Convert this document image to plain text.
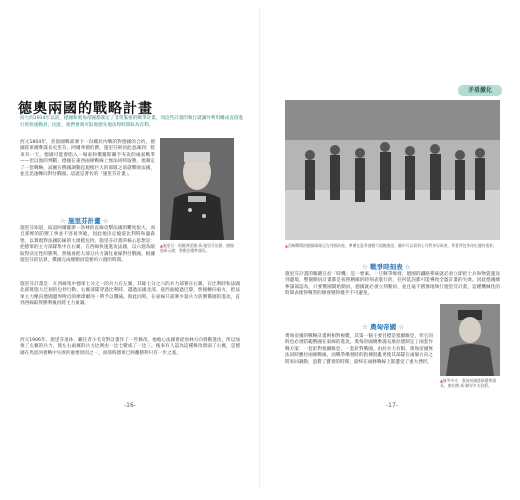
矛盾激化
德奧兩國的戰略計畫
而大約1914年以前，德國和奧匈帝國都制定了非常緊密的戰爭計畫，而這些計畫的執行就讓外利用構成直接進行的快速動員。因此，他們會萬可取地德先地攻得時間較為有利。
西元1804年，普魯國戰部署下一份關於內戰的對德國的合約，德國陸軍總參謀長史里芬，阿爾弗德伯爵，施里芬則因此意識到：將來有一天，德國可能會陷入一場東和俄羅斯聯手夾攻的兩面戰爭——但以他的判斷，德國在東西兩條戰線上無法同時取勝，他制定了一套戰略，試圖在俄國調動起規模巨大的部隊之前就擊敗法國，並且迅速轉向對付俄國。這就是著名的「施里芬計畫」。
▲施里芬：阿爾弗雷德·馮·施里芬伯爵，德國陸軍元帥，曾擔任總參謀長。
☆ 施里芬計畫 ☆
施里芬知道，取道阿爾薩斯一洛林的直線攻擊法國的難度很大，而且那裡的防禦工事並不容易突破，因此他決定繞道比利時和盧森堡，以實現對法國防線的大規模包抄。施里芬計畫的核心思想是：把德軍的主力部隊集中在右翼，在西線快速進攻法國，以六週為限取得決定性的勝利，然後再把大部分兵力調往東線對付俄國。根據施里芬的估算，俄國完成總動員需要約六週的時間。
施里芬計畫是：在西線集中德軍七分之一的兵力在左翼，其餘七分之六的兵力部署在右翼，在比利時和法國北部實施大迂迴的包抄行動。右翼部隊穿過比利時，越過法國北部，從西面繞過巴黎，然後轉向東方，把法軍主力壓向德國邊界附近的摩澤爾河一帶予以殲滅。與此同時，在東線只部署少量兵力防禦俄國的進攻，直到西線取得勝利後再將主力東調。
西元1906年，施里芬退休，繼任者小毛奇對計畫作了一些修改。他擔心法國會從洛林方向發動進攻，所以加強了左翼的兵力，使左右兩翼的兵力比例由一比七變成了一比三。後來有人認為這種修改削弱了右翼，是德國在馬恩河會戰中失敗的重要原因之一，而那時德軍已經離勝利只有一步之遙。
-16-
▲西線戰場的德國軍隊正在列隊前進，準備在夏季發動大規模進攻；圖中可以看到士兵們身穿軍裝、背著背包等待出發的情景。
☆ 戰爭時刻表 ☆
施里芬計畫的關鍵在於「時機」這一要素。一旦戰爭爆發，德國的鐵路系統就必須立即把士兵和物資運送到邊境，整個動員計畫都是按照精確的時刻表進行的，任何延誤都可能導致全盤計畫的失敗。因此德國總參謀部認為，只要俄國開始動員，德國就必須立刻動員，並且毫不猶豫地執行施里芬計畫，這種機械化的時間表使得戰爭的爆發變得幾乎不可避免。
☆ 奧匈帝國 ☆
奧匈帝國的戰略計畫則相對複雜，其第一個主要目標是塞爾維亞，但它同時也必須防範俄國在東線的進攻。奧匈帝國總參謀長康拉德制定了兩套作戰方案：一套針對塞爾維亞，一套針對俄國。由於兵力有限，奧匈帝國無法同時應付兩條戰線，而戰爭爆發時的指揮混亂更使其部隊在兩個方向之間來回調動，浪費了寶貴的時間，最終在兩條戰線上都遭受了重大挫折。
▲赫岑多夫：奧匈帝國陸軍總參謀長，康拉德·馮·赫岑多夫伯爵。
-17-
